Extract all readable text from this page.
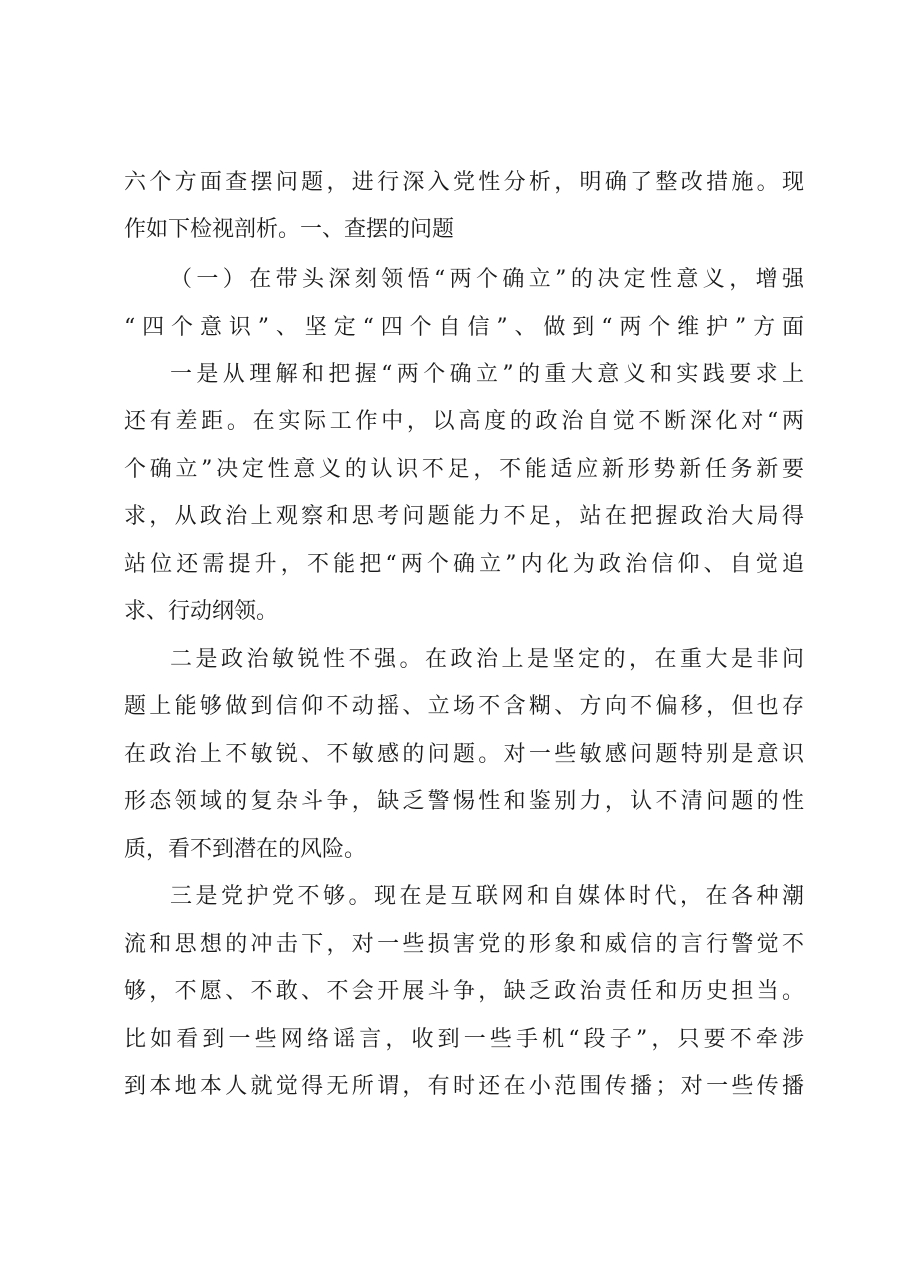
六个方面查摆问题，进行深入党性分析，明确了整改措施。现
作如下检视剖析。一、查摆的问题
（一）在带头深刻领悟“两个确立”的决定性意义，增强
“四个意识”、坚定“四个自信”、做到“两个维护”方面
一是从理解和把握“两个确立”的重大意义和实践要求上
还有差距。在实际工作中，以高度的政治自觉不断深化对“两
个确立”决定性意义的认识不足，不能适应新形势新任务新要
求，从政治上观察和思考问题能力不足，站在把握政治大局得
站位还需提升，不能把“两个确立”内化为政治信仰、自觉追
求、行动纲领。
二是政治敏锐性不强。在政治上是坚定的，在重大是非问
题上能够做到信仰不动摇、立场不含糊、方向不偏移，但也存
在政治上不敏锐、不敏感的问题。对一些敏感问题特别是意识
形态领域的复杂斗争，缺乏警惕性和鉴别力，认不清问题的性
质，看不到潜在的风险。
三是党护党不够。现在是互联网和自媒体时代，在各种潮
流和思想的冲击下，对一些损害党的形象和威信的言行警觉不
够，不愿、不敢、不会开展斗争，缺乏政治责任和历史担当。
比如看到一些网络谣言，收到一些手机“段子”，只要不牵涉
到本地本人就觉得无所谓，有时还在小范围传播；对一些传播
